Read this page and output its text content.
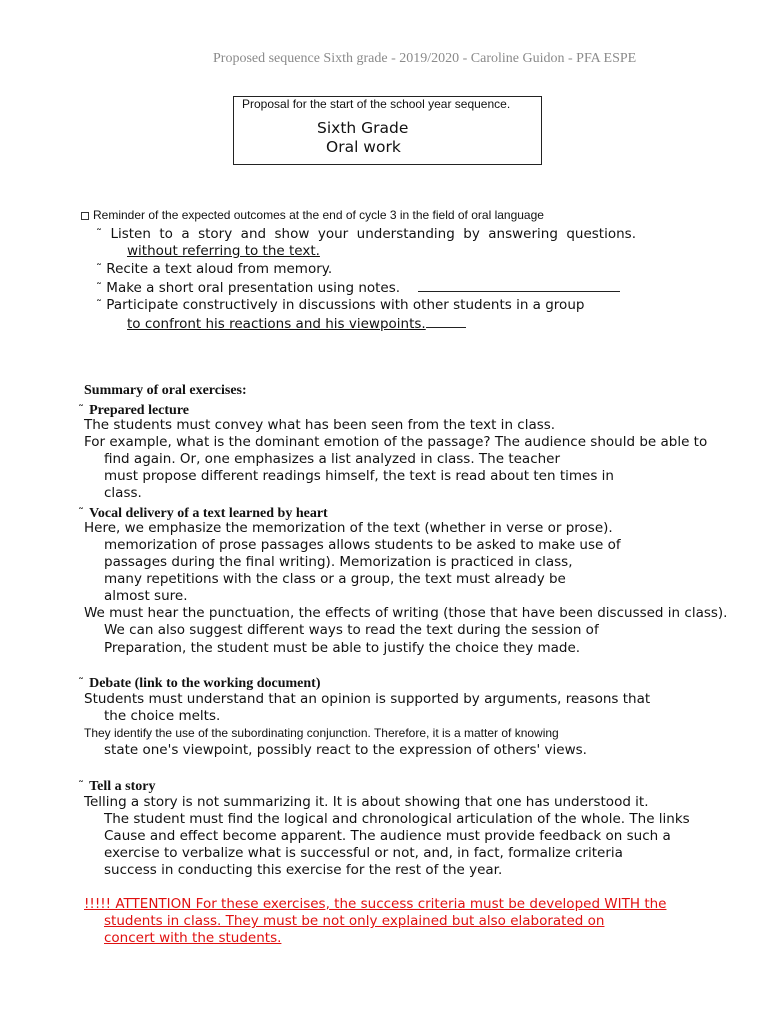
Proposed sequence Sixth grade - 2019/2020 - Caroline Guidon - PFA ESPE
Proposal for the start of the school year sequence.
Sixth Grade
Oral work
Reminder of the expected outcomes at the end of cycle 3 in the field of oral language
˜ Listen to a story and show your understanding by answering questions.
without referring to the text.
˜ Recite a text aloud from memory.
˜ Make a short oral presentation using notes.
˜ Participate constructively in discussions with other students in a group
to confront his reactions and his viewpoints.
Summary of oral exercises:
˜ Prepared lecture
The students must convey what has been seen from the text in class.
For example, what is the dominant emotion of the passage? The audience should be able to
find again. Or, one emphasizes a list analyzed in class. The teacher
must propose different readings himself, the text is read about ten times in
class.
˜ Vocal delivery of a text learned by heart
Here, we emphasize the memorization of the text (whether in verse or prose).
memorization of prose passages allows students to be asked to make use of
passages during the final writing). Memorization is practiced in class,
many repetitions with the class or a group, the text must already be
almost sure.
We must hear the punctuation, the effects of writing (those that have been discussed in class).
We can also suggest different ways to read the text during the session of
Preparation, the student must be able to justify the choice they made.
˜ Debate (link to the working document)
Students must understand that an opinion is supported by arguments, reasons that
the choice melts.
They identify the use of the subordinating conjunction. Therefore, it is a matter of knowing
state one's viewpoint, possibly react to the expression of others' views.
˜ Tell a story
Telling a story is not summarizing it. It is about showing that one has understood it.
The student must find the logical and chronological articulation of the whole. The links
Cause and effect become apparent. The audience must provide feedback on such a
exercise to verbalize what is successful or not, and, in fact, formalize criteria
success in conducting this exercise for the rest of the year.
!!!!! ATTENTION For these exercises, the success criteria must be developed WITH the
students in class. They must be not only explained but also elaborated on
concert with the students.
